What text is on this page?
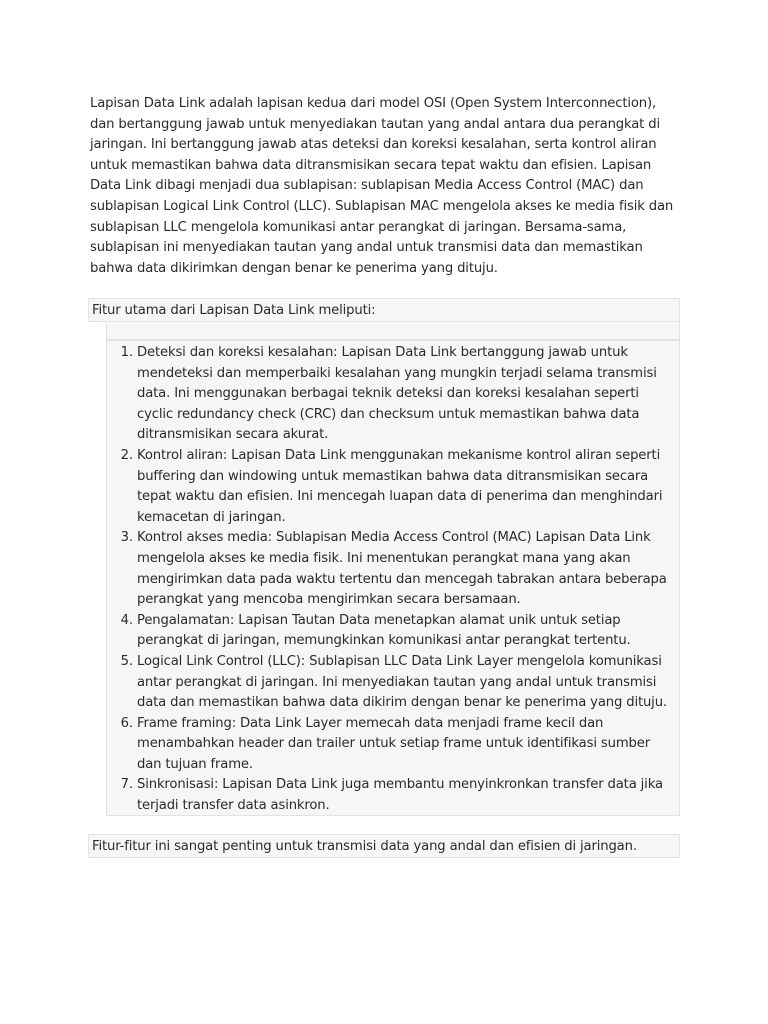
Lapisan Data Link adalah lapisan kedua dari model OSI (Open System Interconnection), dan bertanggung jawab untuk menyediakan tautan yang andal antara dua perangkat di jaringan. Ini bertanggung jawab atas deteksi dan koreksi kesalahan, serta kontrol aliran untuk memastikan bahwa data ditransmisikan secara tepat waktu dan efisien. Lapisan Data Link dibagi menjadi dua sublapisan: sublapisan Media Access Control (MAC) dan sublapisan Logical Link Control (LLC). Sublapisan MAC mengelola akses ke media fisik dan sublapisan LLC mengelola komunikasi antar perangkat di jaringan. Bersama-sama, sublapisan ini menyediakan tautan yang andal untuk transmisi data dan memastikan bahwa data dikirimkan dengan benar ke penerima yang dituju.

Fitur utama dari Lapisan Data Link meliputi:

1. Deteksi dan koreksi kesalahan: Lapisan Data Link bertanggung jawab untuk mendeteksi dan memperbaiki kesalahan yang mungkin terjadi selama transmisi data. Ini menggunakan berbagai teknik deteksi dan koreksi kesalahan seperti cyclic redundancy check (CRC) dan checksum untuk memastikan bahwa data ditransmisikan secara akurat.
2. Kontrol aliran: Lapisan Data Link menggunakan mekanisme kontrol aliran seperti buffering dan windowing untuk memastikan bahwa data ditransmisikan secara tepat waktu dan efisien. Ini mencegah luapan data di penerima dan menghindari kemacetan di jaringan.
3. Kontrol akses media: Sublapisan Media Access Control (MAC) Lapisan Data Link mengelola akses ke media fisik. Ini menentukan perangkat mana yang akan mengirimkan data pada waktu tertentu dan mencegah tabrakan antara beberapa perangkat yang mencoba mengirimkan secara bersamaan.
4. Pengalamatan: Lapisan Tautan Data menetapkan alamat unik untuk setiap perangkat di jaringan, memungkinkan komunikasi antar perangkat tertentu.
5. Logical Link Control (LLC): Sublapisan LLC Data Link Layer mengelola komunikasi antar perangkat di jaringan. Ini menyediakan tautan yang andal untuk transmisi data dan memastikan bahwa data dikirim dengan benar ke penerima yang dituju.
6. Frame framing: Data Link Layer memecah data menjadi frame kecil dan menambahkan header dan trailer untuk setiap frame untuk identifikasi sumber dan tujuan frame.
7. Sinkronisasi: Lapisan Data Link juga membantu menyinkronkan transfer data jika terjadi transfer data asinkron.

Fitur-fitur ini sangat penting untuk transmisi data yang andal dan efisien di jaringan.
